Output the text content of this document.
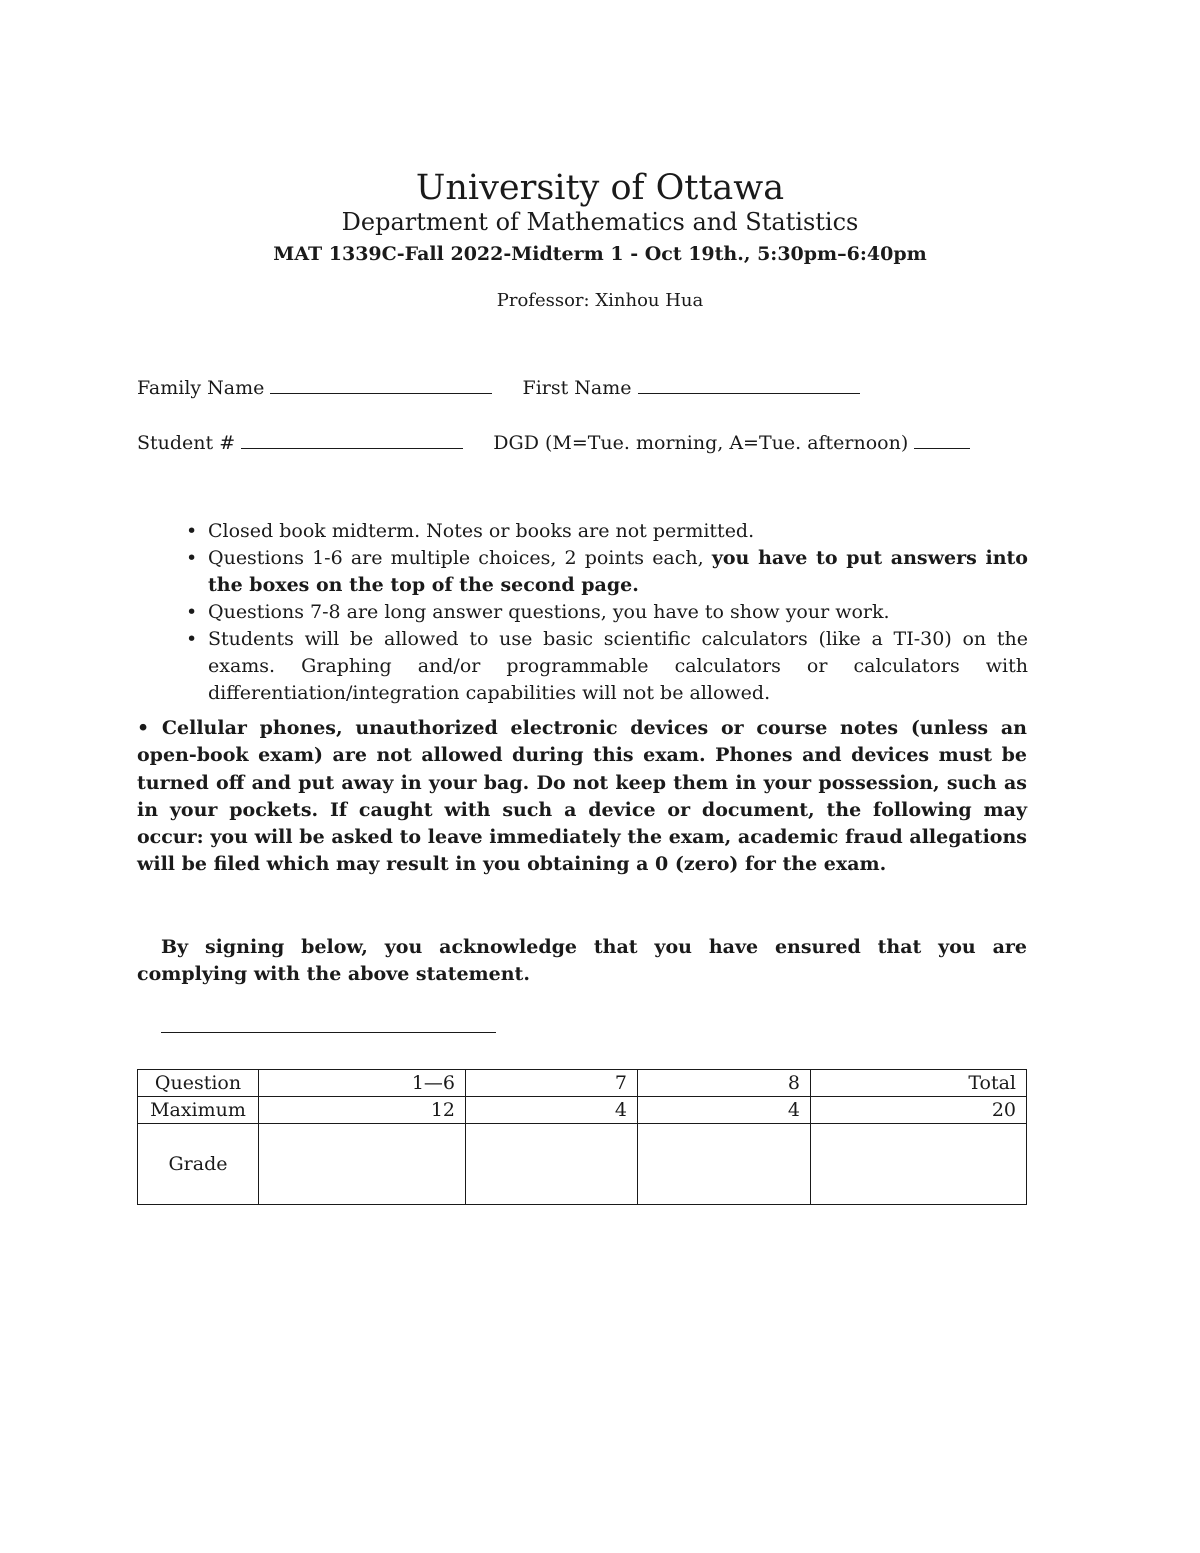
University of Ottawa
Department of Mathematics and Statistics
MAT 1339C-Fall 2022-Midterm 1 - Oct 19th., 5:30pm–6:40pm
Professor: Xinhou Hua
Family Name	First Name
Student #	DGD (M=Tue. morning, A=Tue. afternoon)
• Closed book midterm. Notes or books are not permitted.
• Questions 1-6 are multiple choices, 2 points each, you have to put answers into the boxes on the top of the second page.
• Questions 7-8 are long answer questions, you have to show your work.
• Students will be allowed to use basic scientific calculators (like a TI-30) on the exams. Graphing and/or programmable calculators or calculators with differentiation/integration capabilities will not be allowed.

• Cellular phones, unauthorized electronic devices or course notes (unless an open-book exam) are not allowed during this exam. Phones and devices must be turned off and put away in your bag. Do not keep them in your possession, such as in your pockets. If caught with such a device or document, the following may occur: you will be asked to leave immediately the exam, academic fraud allegations will be filed which may result in you obtaining a 0 (zero) for the exam.

By signing below, you acknowledge that you have ensured that you are complying with the above statement.

Question	1—6	7	8	Total
Maximum	12	4	4	20
Grade				
